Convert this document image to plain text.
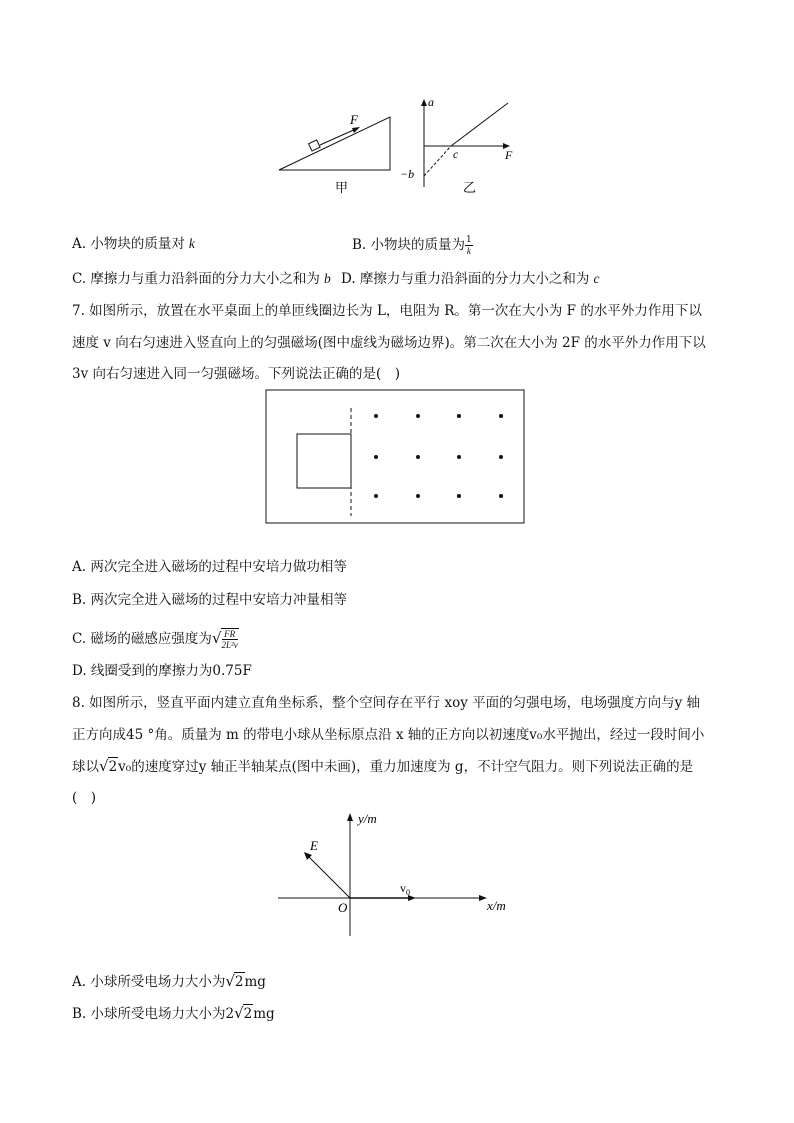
F
甲
a
F
−b
c
乙
A. 小物块的质量对 k	B. 小物块的质量为 $\frac{1}{k}$
C. 摩擦力与重力沿斜面的分力大小之和为 b D. 摩擦力与重力沿斜面的分力大小之和为 c
7. 如图所示，放置在水平桌面上的单匝线圈边长为 L，电阻为 R。第一次在大小为 F 的水平外力作用下以
速度 v 向右匀速进入竖直向上的匀强磁场(图中虚线为磁场边界)。第二次在大小为 2F 的水平外力作用下以
3v 向右匀速进入同一匀强磁场。下列说法正确的是(　)
A. 两次完全进入磁场的过程中安培力做功相等
B. 两次完全进入磁场的过程中安培力冲量相等
C. 磁场的磁感应强度为√ $\frac{FR}{\text{2L²v}}$
D. 线圈受到的摩擦力为0.75F
8. 如图所示，竖直平面内建立直角坐标系，整个空间存在平行 xoy 平面的匀强电场，电场强度方向与y 轴
正方向成45 °角。质量为 m 的带电小球从坐标原点沿 x 轴的正方向以初速度v₀水平抛出，经过一段时间小
球以√2v₀的速度穿过y 轴正半轴某点(图中未画)，重力加速度为 g，不计空气阻力。则下列说法正确的是
(　)
y/m
x/m
E
$v_0$
O
A. 小球所受电场力大小为√2mg
B. 小球所受电场力大小为2√2mg
